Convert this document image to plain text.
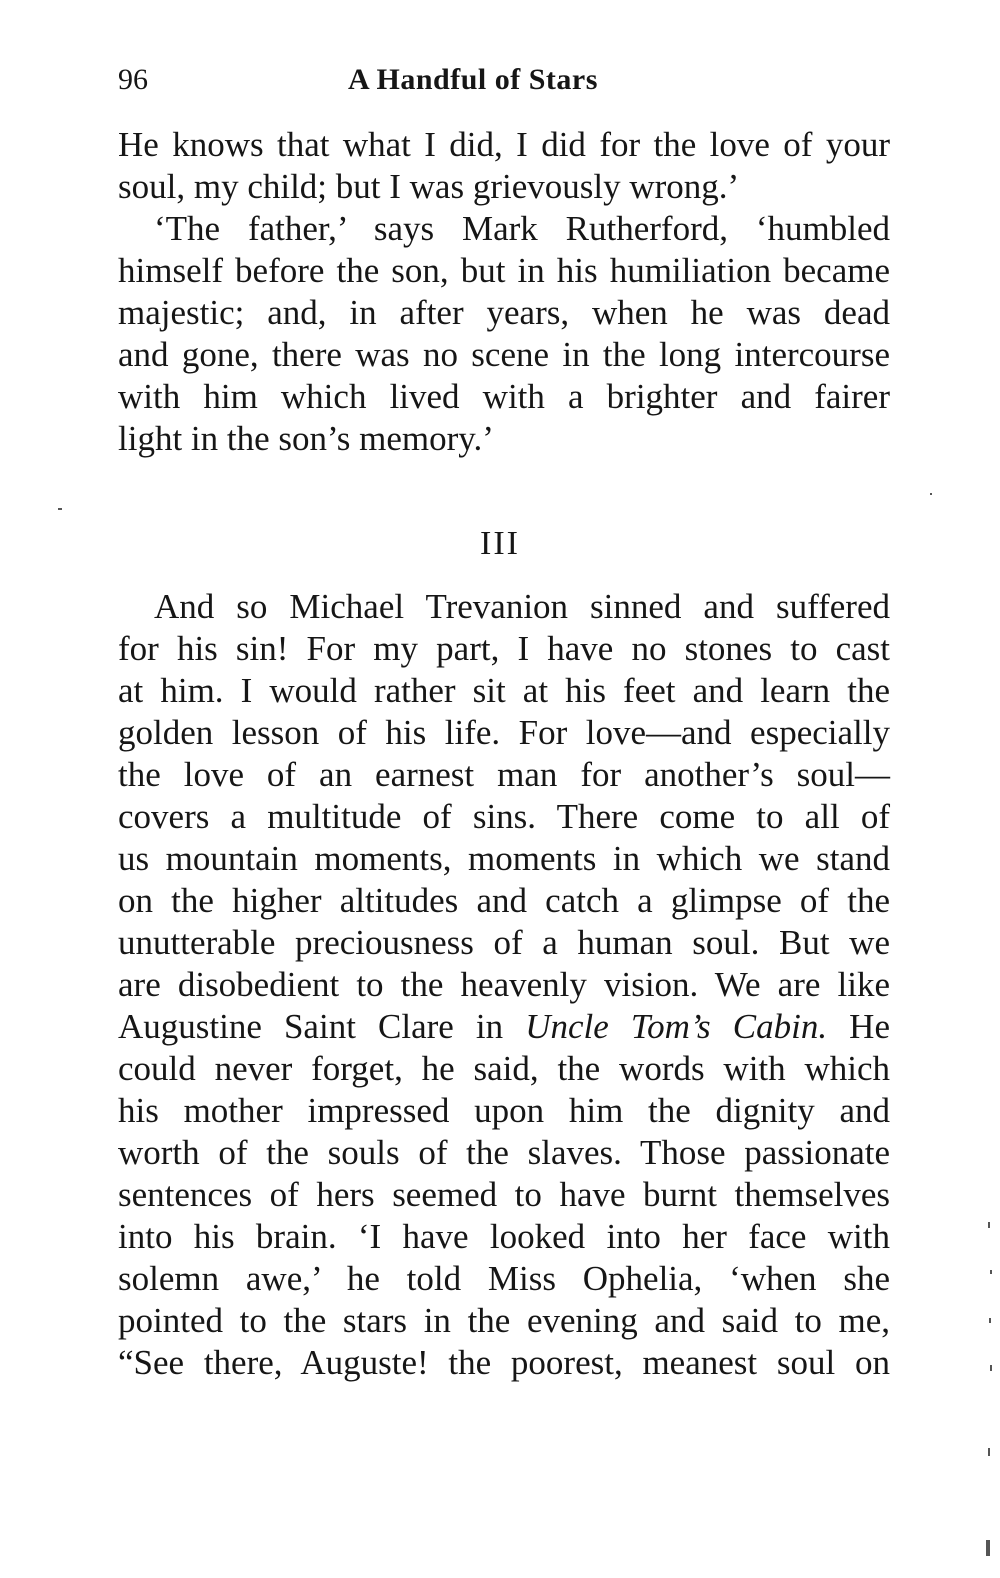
96	A Handful of Stars
He knows that what I did, I did for the love of your
soul, my child; but I was grievously wrong.’
‘The father,’ says Mark Rutherford, ‘humbled
himself before the son, but in his humiliation became
majestic; and, in after years, when he was dead
and gone, there was no scene in the long intercourse
with him which lived with a brighter and fairer
light in the son’s memory.’
III
And so Michael Trevanion sinned and suffered
for his sin! For my part, I have no stones to cast
at him. I would rather sit at his feet and learn the
golden lesson of his life. For love—and especially
the love of an earnest man for another’s soul—
covers a multitude of sins. There come to all of
us mountain moments, moments in which we stand
on the higher altitudes and catch a glimpse of the
unutterable preciousness of a human soul. But we
are disobedient to the heavenly vision. We are like
Augustine Saint Clare in Uncle Tom’s Cabin. He
could never forget, he said, the words with which
his mother impressed upon him the dignity and
worth of the souls of the slaves. Those passionate
sentences of hers seemed to have burnt themselves
into his brain. ‘I have looked into her face with
solemn awe,’ he told Miss Ophelia, ‘when she
pointed to the stars in the evening and said to me,
“See there, Auguste! the poorest, meanest soul on
